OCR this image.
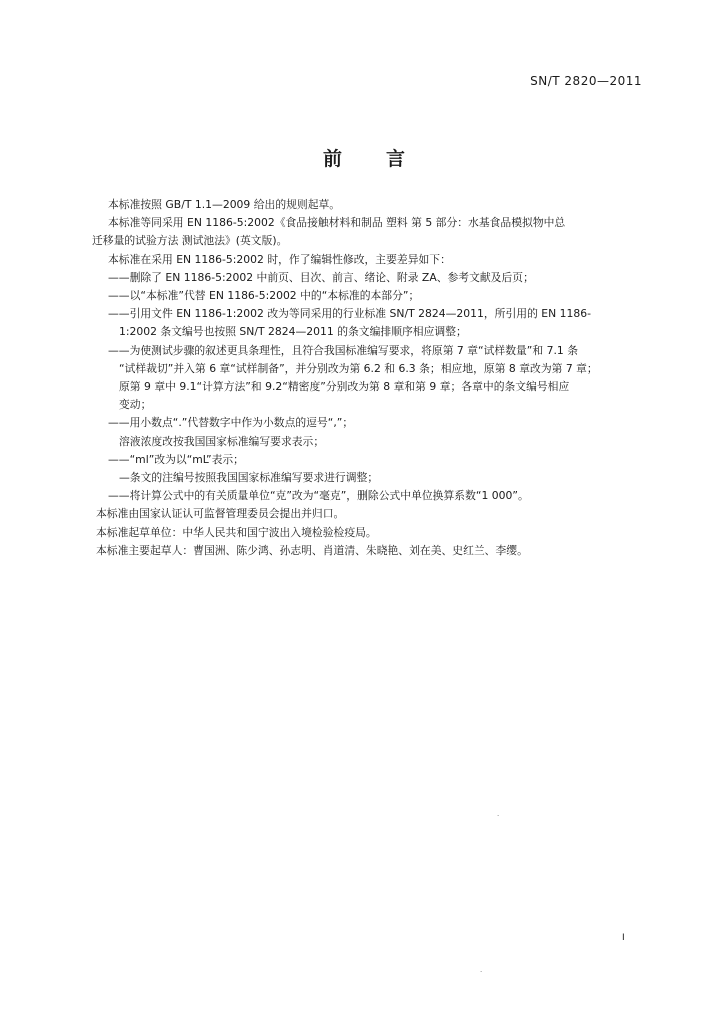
SN/T 2820—2011
前言
本标准按照 GB/T 1.1—2009 给出的规则起草。
本标准等同采用 EN 1186-5:2002《食品接触材料和制品 塑料 第 5 部分：水基食品模拟物中总
迁移量的试验方法 测试池法》(英文版)。
本标准在采用 EN 1186-5:2002 时，作了编辑性修改，主要差异如下：
——删除了 EN 1186-5:2002 中前页、目次、前言、绪论、附录 ZA、参考文献及后页；
——以“本标准”代替 EN 1186-5:2002 中的“本标准的本部分”；
——引用文件 EN 1186-1:2002 改为等同采用的行业标准 SN/T 2824—2011，所引用的 EN 1186-
1:2002 条文编号也按照 SN/T 2824—2011 的条文编排顺序相应调整；
——为使测试步骤的叙述更具条理性，且符合我国标准编写要求，将原第 7 章“试样数量”和 7.1 条
“试样裁切”并入第 6 章“试样制备”，并分别改为第 6.2 和 6.3 条；相应地，原第 8 章改为第 7 章；
原第 9 章中 9.1“计算方法”和 9.2“精密度”分别改为第 8 章和第 9 章；各章中的条文编号相应
变动；
——用小数点“.”代替数字中作为小数点的逗号“,”；
溶液浓度改按我国国家标准编写要求表示；
——“ml”改为以“mL”表示；
—条文的注编号按照我国国家标准编写要求进行调整；
——将计算公式中的有关质量单位“克”改为“毫克”，删除公式中单位换算系数“1 000”。
本标准由国家认证认可监督管理委员会提出并归口。
本标准起草单位：中华人民共和国宁波出入境检验检疫局。
本标准主要起草人：曹国洲、陈少鸿、孙志明、肖道清、朱晓艳、刘在美、史红兰、李缨。
I
·
·
